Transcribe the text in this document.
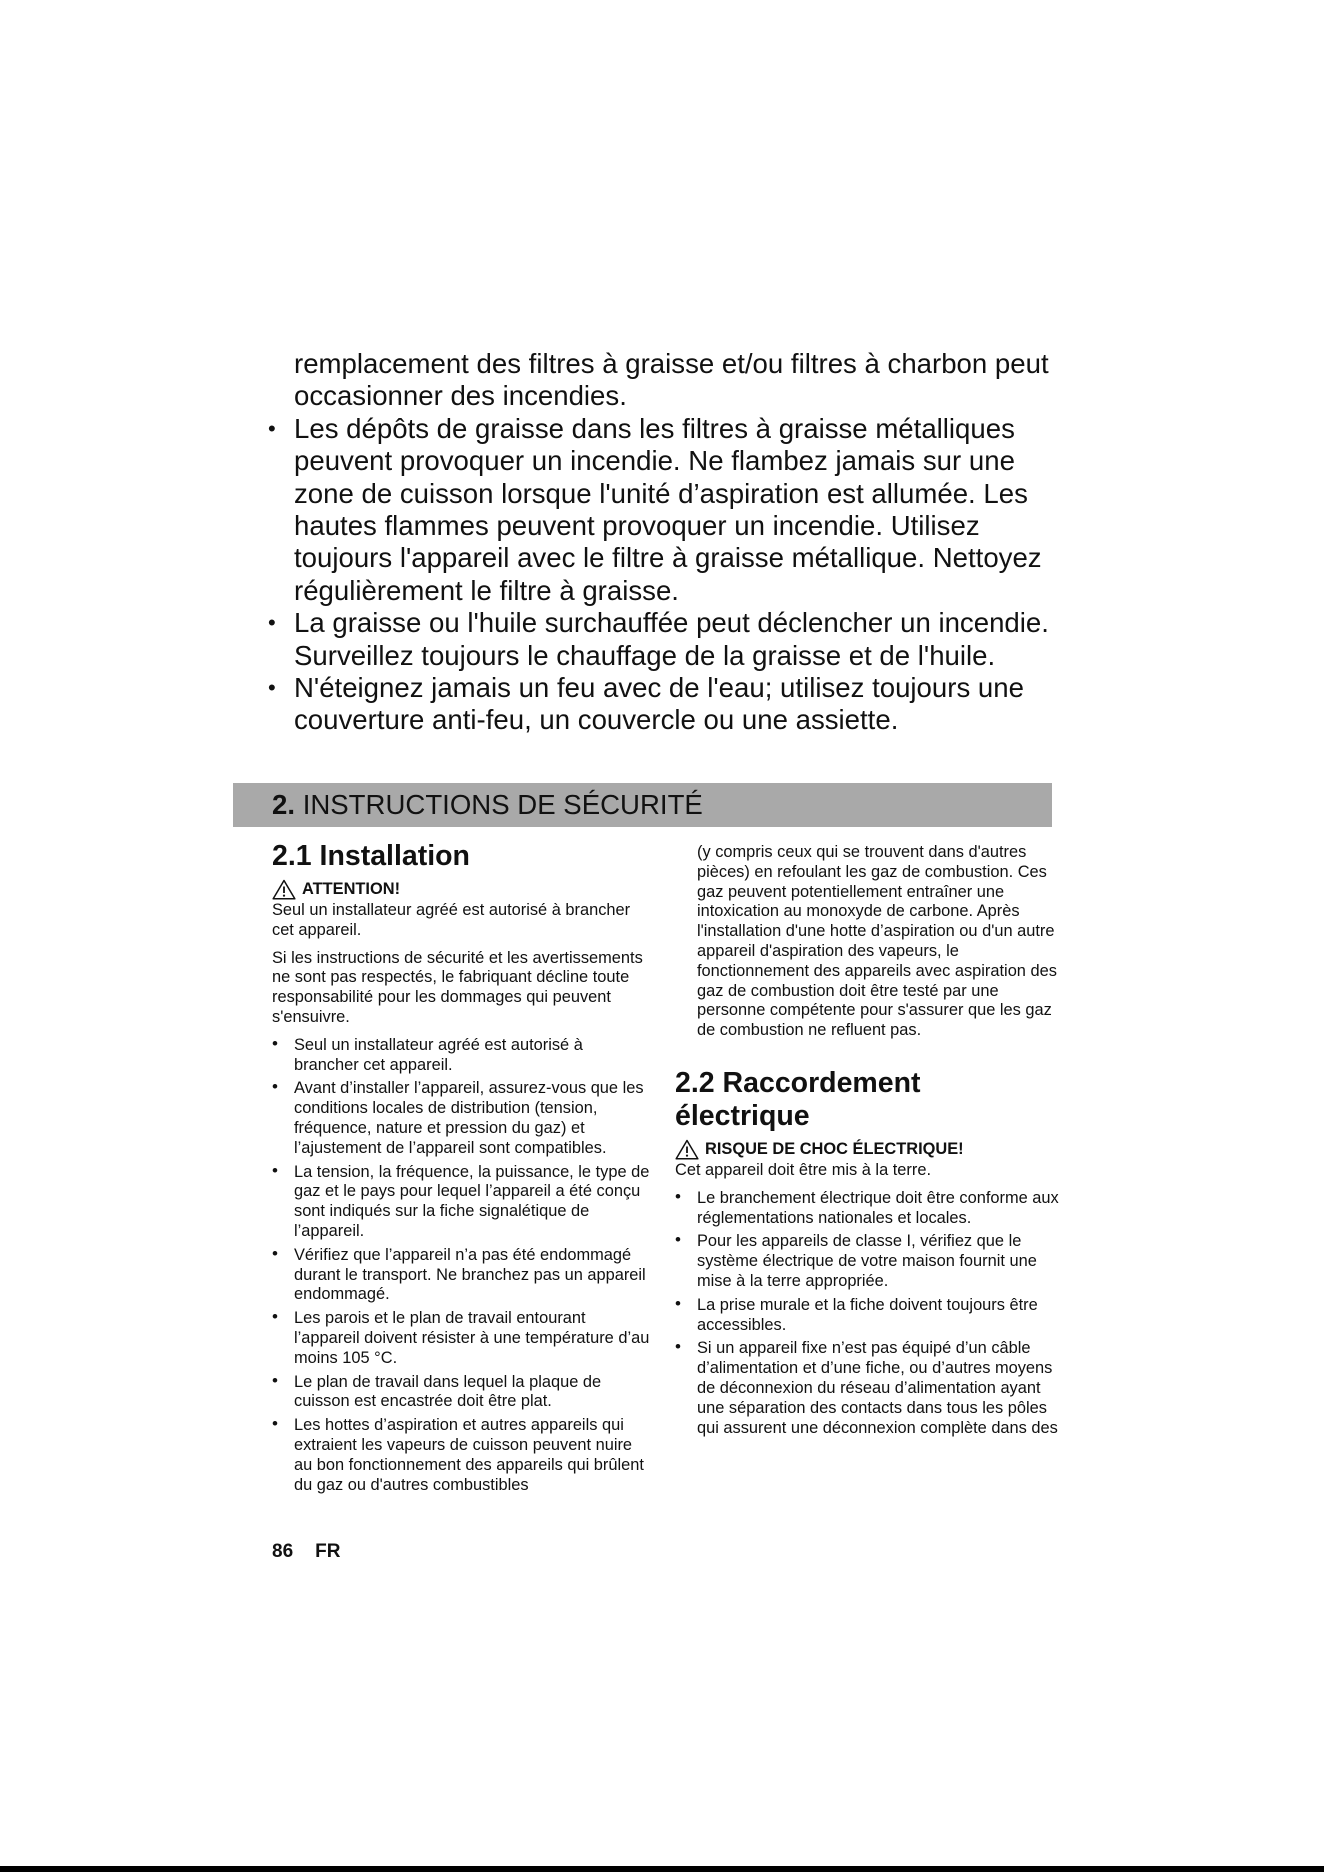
remplacement des filtres à graisse et/ou filtres à charbon peut occasionner des incendies.

• Les dépôts de graisse dans les filtres à graisse métalliques peuvent provoquer un incendie. Ne flambez jamais sur une zone de cuisson lorsque l'unité d’aspiration est allumée. Les hautes flammes peuvent provoquer un incendie. Utilisez toujours l'appareil avec le filtre à graisse métallique. Nettoyez régulièrement le filtre à graisse.
• La graisse ou l'huile surchauffée peut déclencher un incendie. Surveillez toujours le chauffage de la graisse et de l'huile.
• N'éteignez jamais un feu avec de l'eau; utilisez toujours une couverture anti-feu, un couvercle ou une assiette.
2. INSTRUCTIONS DE SÉCURITÉ
2.1 Installation
ATTENTION!

Seul un installateur agréé est autorisé à brancher cet appareil.

Si les instructions de sécurité et les avertissements ne sont pas respectés, le fabriquant décline toute responsabilité pour les dommages qui peuvent s'ensuivre.

• Seul un installateur agréé est autorisé à brancher cet appareil.
• Avant d’installer l’appareil, assurez-vous que les conditions locales de distribution (tension, fréquence, nature et pression du gaz) et l’ajustement de l’appareil sont compatibles.
• La tension, la fréquence, la puissance, le type de gaz et le pays pour lequel l’appareil a été conçu sont indiqués sur la fiche signalétique de l’appareil.
• Vérifiez que l’appareil n’a pas été endommagé durant le transport. Ne branchez pas un appareil endommagé.
• Les parois et le plan de travail entourant l’appareil doivent résister à une température d’au moins 105 °C.
• Le plan de travail dans lequel la plaque de cuisson est encastrée doit être plat.
• Les hottes d’aspiration et autres appareils qui extraient les vapeurs de cuisson peuvent nuire au bon fonctionnement des appareils qui brûlent du gaz ou d'autres combustibles

(y compris ceux qui se trouvent dans d'autres pièces) en refoulant les gaz de combustion. Ces gaz peuvent potentiellement entraîner une intoxication au monoxyde de carbone. Après l'installation d'une hotte d’aspiration ou d'un autre appareil d'aspiration des vapeurs, le fonctionnement des appareils avec aspiration des gaz de combustion doit être testé par une personne compétente pour s'assurer que les gaz de combustion ne refluent pas.

2.2 Raccordement électrique
RISQUE DE CHOC ÉLECTRIQUE!

Cet appareil doit être mis à la terre.

• Le branchement électrique doit être conforme aux réglementations nationales et locales.
• Pour les appareils de classe I, vérifiez que le système électrique de votre maison fournit une mise à la terre appropriée.
• La prise murale et la fiche doivent toujours être accessibles.
• Si un appareil fixe n’est pas équipé d’un câble d’alimentation et d’une fiche, ou d’autres moyens de déconnexion du réseau d’alimentation ayant une séparation des contacts dans tous les pôles qui assurent une déconnexion complète dans des
86 FR
